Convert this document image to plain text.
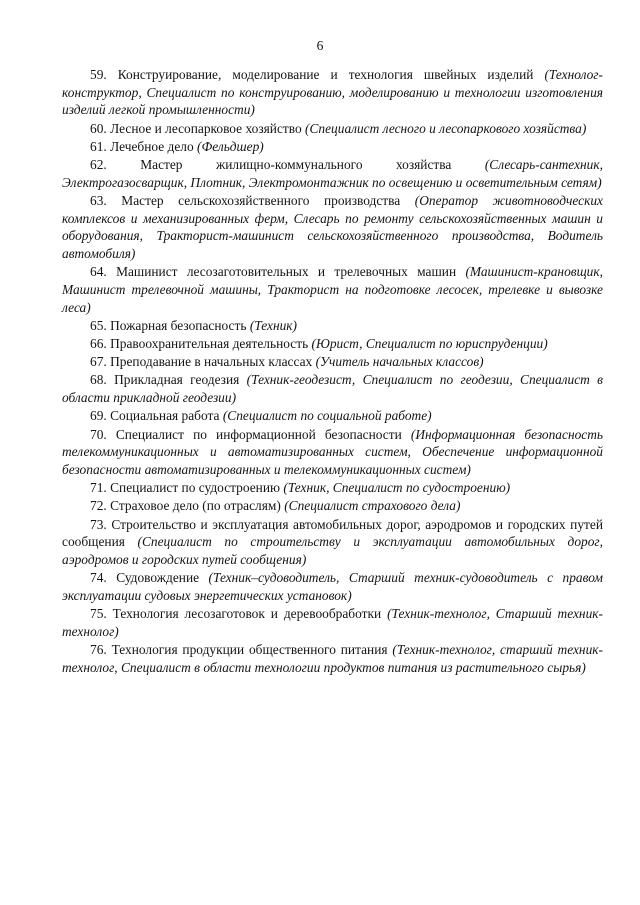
6

59. Конструирование, моделирование и технология швейных изделий (Технолог-конструктор, Специалист по конструированию, моделированию и технологии изготовления изделий легкой промышленности)

60. Лесное и лесопарковое хозяйство (Специалист лесного и лесопаркового хозяйства)

61. Лечебное дело (Фельдшер)

62. Мастер жилищно-коммунального хозяйства (Слесарь-сантехник, Электрогазосварщик, Плотник, Электромонтажник по освещению и осветительным сетям)

63. Мастер сельскохозяйственного производства (Оператор животноводческих комплексов и механизированных ферм, Слесарь по ремонту сельскохозяйственных машин и оборудования, Тракторист-машинист сельскохозяйственного производства, Водитель автомобиля)

64. Машинист лесозаготовительных и трелевочных машин (Машинист-крановщик, Машинист трелевочной машины, Тракторист на подготовке лесосек, трелевке и вывозке леса)

65. Пожарная безопасность (Техник)

66. Правоохранительная деятельность (Юрист, Специалист по юриспруденции)

67. Преподавание в начальных классах (Учитель начальных классов)

68. Прикладная геодезия (Техник-геодезист, Специалист по геодезии, Специалист в области прикладной геодезии)

69. Социальная работа (Специалист по социальной работе)

70. Специалист по информационной безопасности (Информационная безопасность телекоммуникационных и автоматизированных систем, Обеспечение информационной безопасности автоматизированных и телекоммуникационных систем)

71. Специалист по судостроению (Техник, Специалист по судостроению)

72. Страховое дело (по отраслям) (Специалист страхового дела)

73. Строительство и эксплуатация автомобильных дорог, аэродромов и городских путей сообщения (Специалист по строительству и эксплуатации автомобильных дорог, аэродромов и городских путей сообщения)

74. Судовождение (Техник–судоводитель, Старший техник-судоводитель с правом эксплуатации судовых энергетических установок)

75. Технология лесозаготовок и деревообработки (Техник-технолог, Старший техник-технолог)

76. Технология продукции общественного питания (Техник-технолог, старший техник-технолог, Специалист в области технологии продуктов питания из растительного сырья)
